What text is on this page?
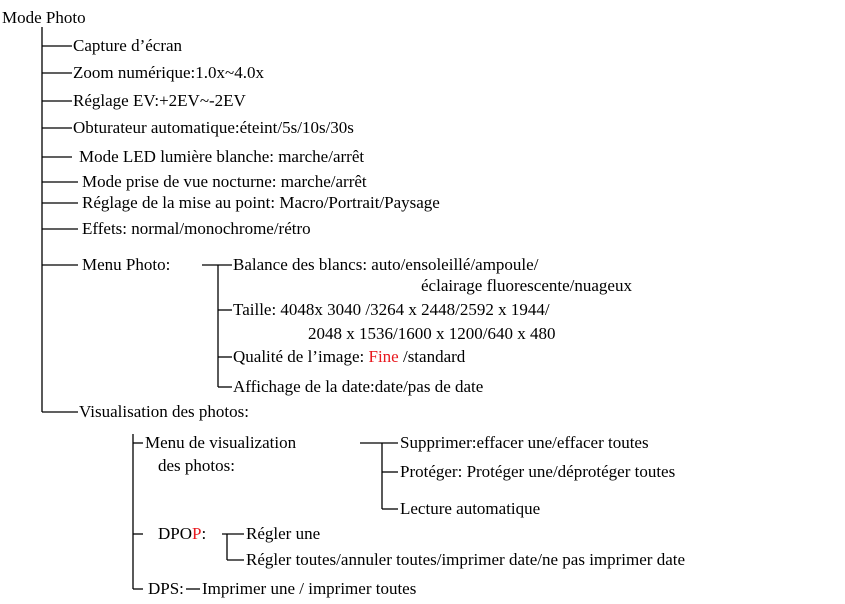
Mode Photo
Capture d’écran
Zoom numérique:1.0x~4.0x
Réglage EV:+2EV~-2EV
Obturateur automatique:éteint/5s/10s/30s
Mode LED lumière blanche: marche/arrêt
Mode prise de vue nocturne: marche/arrêt
Réglage de la mise au point: Macro/Portrait/Paysage
Effets: normal/monochrome/rétro
Menu Photo:	Balance des blancs: auto/ensoleillé/ampoule/
éclairage fluorescente/nuageux
Taille: 4048x 3040 /3264 x 2448/2592 x 1944/
2048 x 1536/1600 x 1200/640 x 480
Qualité de l’image: Fine /standard
Affichage de la date:date/pas de date
Visualisation des photos:
Menu de visualization
des photos:
Supprimer:effacer une/effacer toutes
Protéger: Protéger une/déprotéger toutes
Lecture automatique
DPOP: Régler une
Régler toutes/annuler toutes/imprimer date/ne pas imprimer date
DPS: Imprimer une / imprimer toutes
